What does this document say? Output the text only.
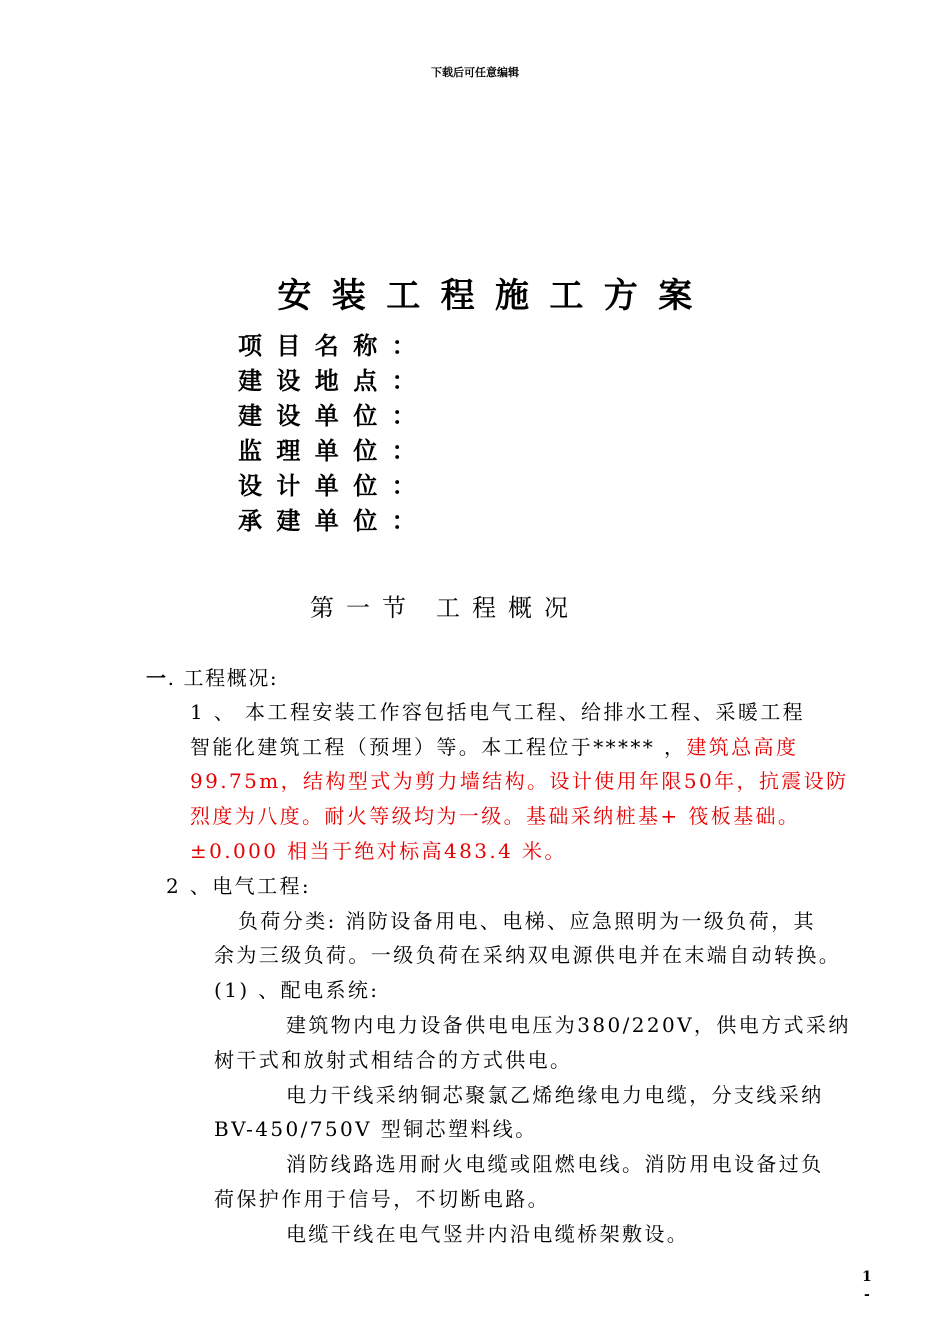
下载后可任意编辑
安装工程施工方案
项目名称：
建设地点：
建设单位：
监理单位：
设计单位：
承建单位：
第一节 工程概况
一. 工程概况:
1 、 本工程安装工作容包括电气工程、给排水工程、采暖工程
智能化建筑工程（预埋）等。本工程位于***** ，建筑总高度
99.75m，结构型式为剪力墙结构。设计使用年限50年，抗震设防
烈度为八度。耐火等级均为一级。基础采纳桩基+ 筏板基础。
±0.000 相当于绝对标高483.4 米。
2 、电气工程:
负荷分类: 消防设备用电、电梯、应急照明为一级负荷，其
余为三级负荷。一级负荷在采纳双电源供电并在末端自动转换。
(1) 、配电系统:
建筑物内电力设备供电电压为380/220V，供电方式采纳
树干式和放射式相结合的方式供电。
电力干线采纳铜芯聚氯乙烯绝缘电力电缆，分支线采纳
BV-450/750V 型铜芯塑料线。
消防线路选用耐火电缆或阻燃电线。消防用电设备过负
荷保护作用于信号，不切断电路。
电缆干线在电气竖井内沿电缆桥架敷设。
1
-
